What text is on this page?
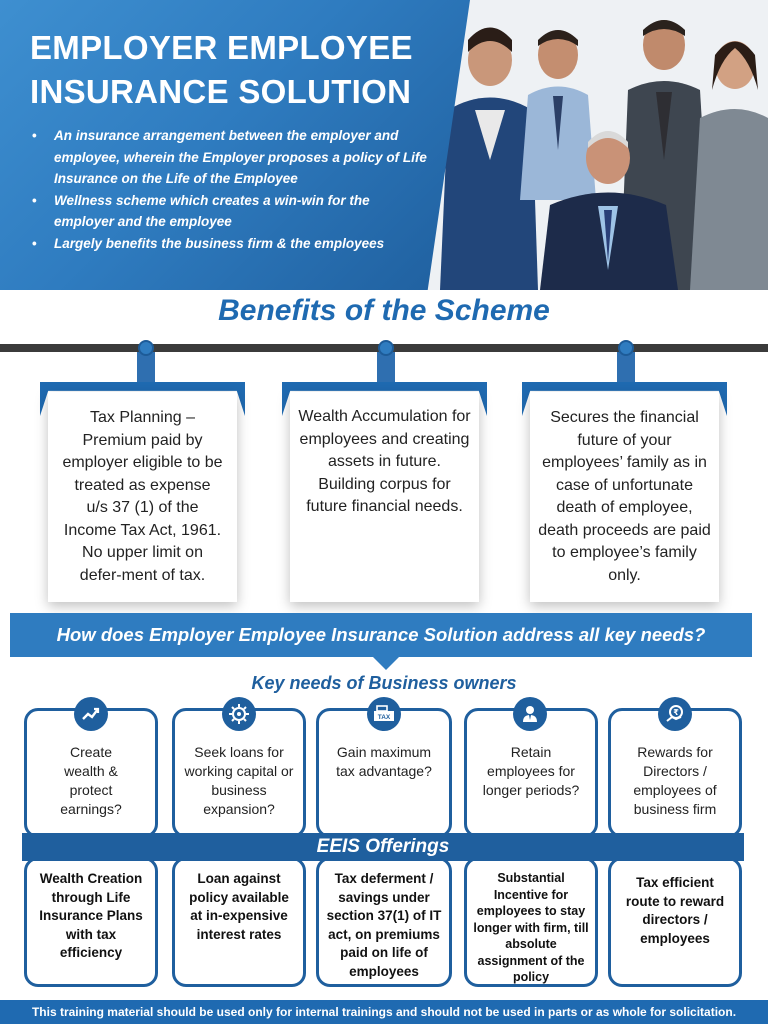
EMPLOYER EMPLOYEE
INSURANCE SOLUTION
• An insurance arrangement between the employer and employee, wherein the Employer proposes a policy of Life Insurance on the Life of the Employee
• Wellness scheme which creates a win-win for the employer and the employee
• Largely benefits the business firm & the employees
Benefits of the Scheme
Tax Planning – Premium paid by employer eligible to be treated as expense u/s 37 (1) of the Income Tax Act, 1961. No upper limit on defer-ment of tax.
Wealth Accumulation for employees and creating assets in future. Building corpus for future financial needs.
Secures the financial future of your employees’ family as in case of unfortunate death of employee, death proceeds are paid to employee’s family only.
How does Employer Employee Insurance Solution address all key needs?
Key needs of Business owners
Create wealth & protect earnings?
Seek loans for working capital or business expansion?
Gain maximum tax advantage?
Retain employees for longer periods?
Rewards for Directors / employees of business firm
TAX
₹
Wealth Creation through Life Insurance Plans with tax efficiency
Loan against policy available at in-expensive interest rates
Tax deferment / savings under section 37(1) of IT act, on premiums paid on life of employees
Substantial Incentive for employees to stay longer with firm, till absolute assignment of the policy
Tax efficient route to reward directors / employees
EEIS Offerings
This training material should be used only for internal trainings and should not be used in parts or as whole for solicitation.
